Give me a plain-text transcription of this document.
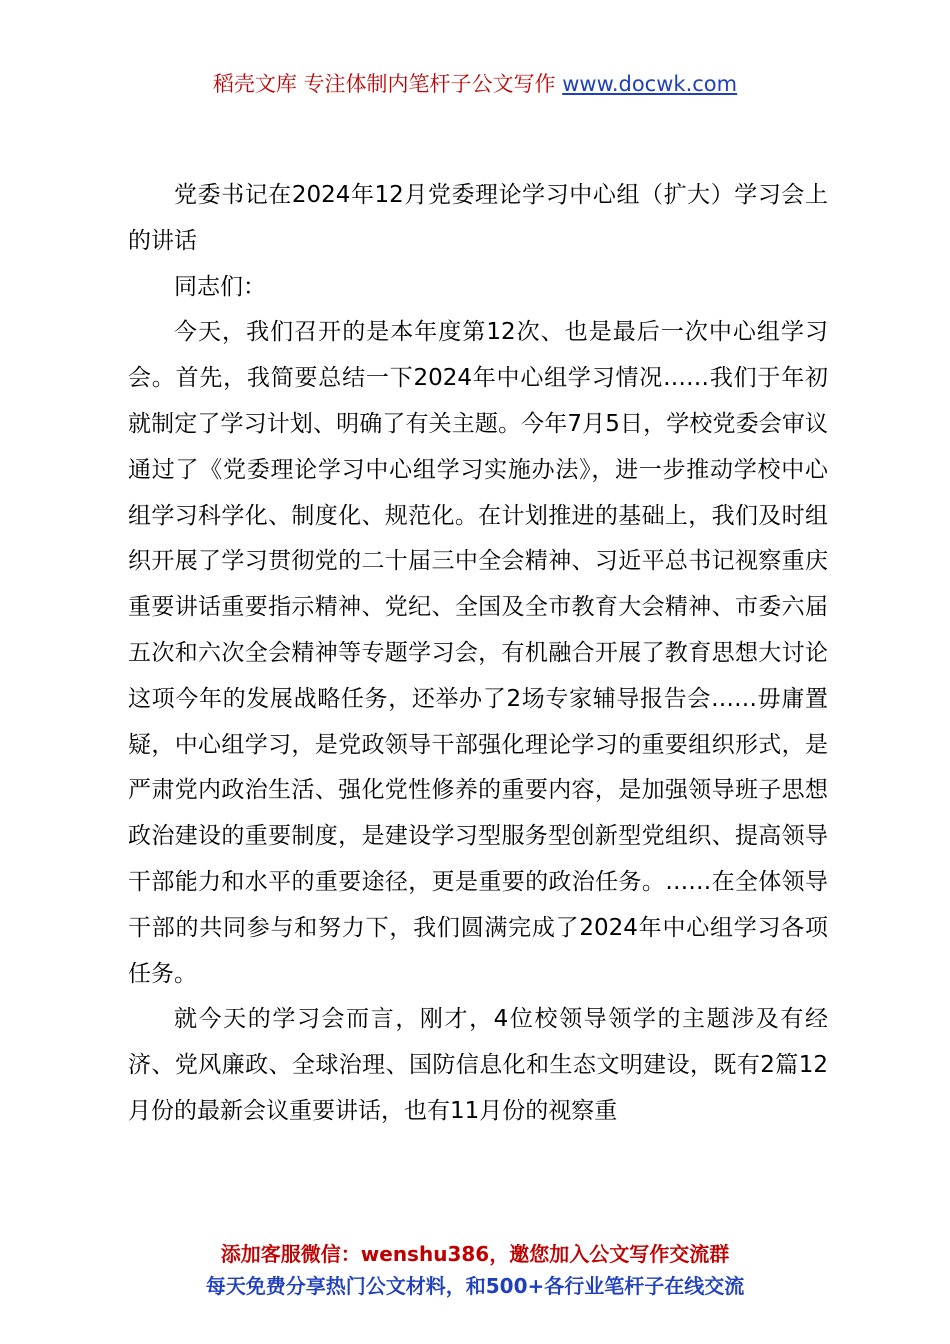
稻壳文库 专注体制内笔杆子公文写作 www.docwk.com

党委书记在2024年12月党委理论学习中心组（扩大）学习会上的讲话

同志们：

今天，我们召开的是本年度第12次、也是最后一次中心组学习会。首先，我简要总结一下2024年中心组学习情况……我们于年初就制定了学习计划、明确了有关主题。今年7月5日，学校党委会审议通过了《党委理论学习中心组学习实施办法》，进一步推动学校中心组学习科学化、制度化、规范化。在计划推进的基础上，我们及时组织开展了学习贯彻党的二十届三中全会精神、习近平总书记视察重庆重要讲话重要指示精神、党纪、全国及全市教育大会精神、市委六届五次和六次全会精神等专题学习会，有机融合开展了教育思想大讨论这项今年的发展战略任务，还举办了2场专家辅导报告会……毋庸置疑，中心组学习，是党政领导干部强化理论学习的重要组织形式，是严肃党内政治生活、强化党性修养的重要内容，是加强领导班子思想政治建设的重要制度，是建设学习型服务型创新型党组织、提高领导干部能力和水平的重要途径，更是重要的政治任务。……在全体领导干部的共同参与和努力下，我们圆满完成了2024年中心组学习各项任务。

就今天的学习会而言，刚才，4位校领导领学的主题涉及有经济、党风廉政、全球治理、国防信息化和生态文明建设，既有2篇12月份的最新会议重要讲话，也有11月份的视察重

添加客服微信：wenshu386，邀您加入公文写作交流群
每天免费分享热门公文材料，和500+各行业笔杆子在线交流
